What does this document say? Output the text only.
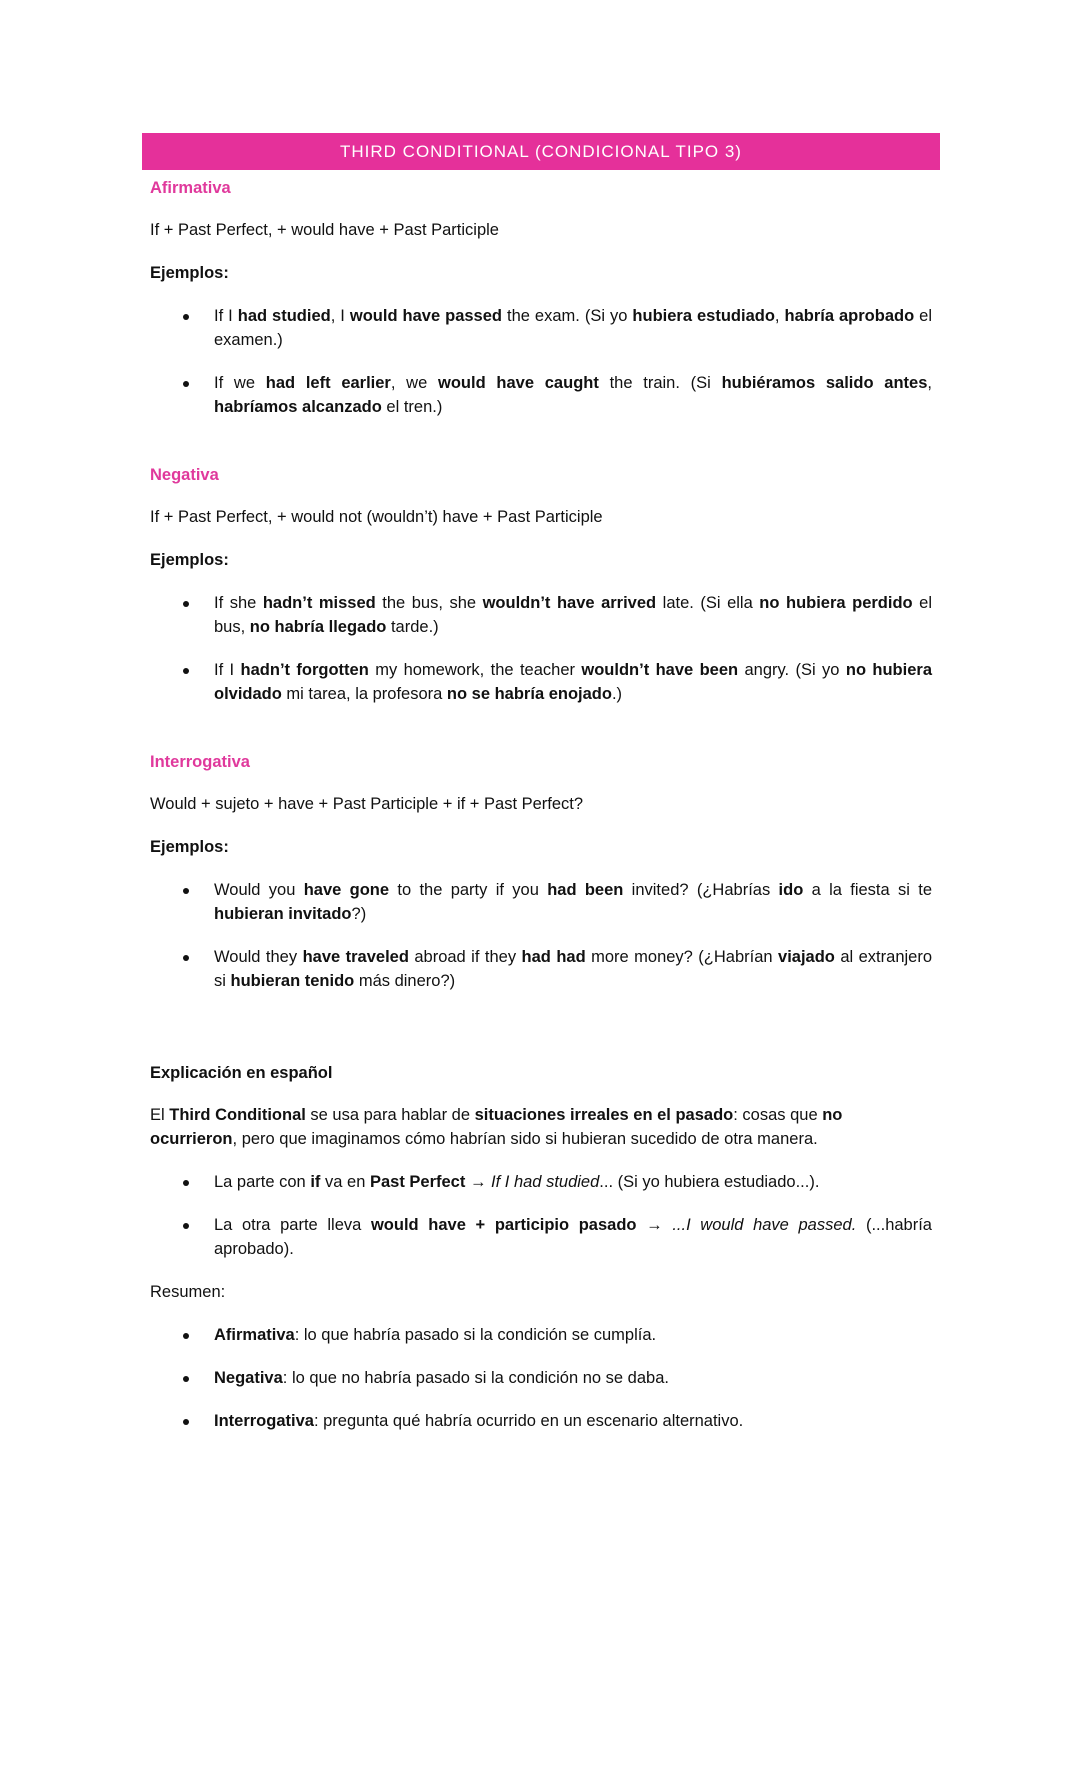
THIRD CONDITIONAL (CONDICIONAL TIPO 3)
Afirmativa
If + Past Perfect, + would have + Past Participle
Ejemplos:
If I had studied, I would have passed the exam. (Si yo hubiera estudiado, habría aprobado el examen.)
If we had left earlier, we would have caught the train. (Si hubiéramos salido antes, habríamos alcanzado el tren.)
Negativa
If + Past Perfect, + would not (wouldn’t) have + Past Participle
Ejemplos:
If she hadn’t missed the bus, she wouldn’t have arrived late. (Si ella no hubiera perdido el bus, no habría llegado tarde.)
If I hadn’t forgotten my homework, the teacher wouldn’t have been angry. (Si yo no hubiera olvidado mi tarea, la profesora no se habría enojado.)
Interrogativa
Would + sujeto + have + Past Participle + if + Past Perfect?
Ejemplos:
Would you have gone to the party if you had been invited? (¿Habrías ido a la fiesta si te hubieran invitado?)
Would they have traveled abroad if they had had more money? (¿Habrían viajado al extranjero si hubieran tenido más dinero?)
Explicación en español
El Third Conditional se usa para hablar de situaciones irreales en el pasado: cosas que no ocurrieron, pero que imaginamos cómo habrían sido si hubieran sucedido de otra manera.
La parte con if va en Past Perfect → If I had studied... (Si yo hubiera estudiado...).
La otra parte lleva would have + participio pasado → ...I would have passed. (...habría aprobado).
Resumen:
Afirmativa: lo que habría pasado si la condición se cumplía.
Negativa: lo que no habría pasado si la condición no se daba.
Interrogativa: pregunta qué habría ocurrido en un escenario alternativo.
